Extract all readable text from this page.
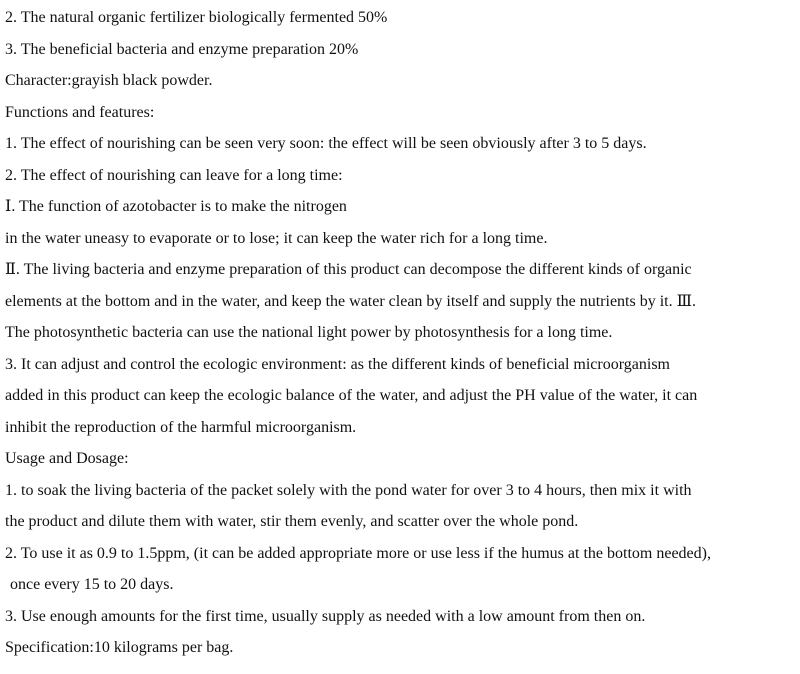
2. The natural organic fertilizer biologically fermented 50%
3. The beneficial bacteria and enzyme preparation 20%
Character:grayish black powder.
Functions and features:
1. The effect of nourishing can be seen very soon: the effect will be seen obviously after 3 to 5 days.
2. The effect of nourishing can leave for a long time:
Ⅰ. The function of azotobacter is to make the nitrogen
in the water uneasy to evaporate or to lose; it can keep the water rich for a long time.
Ⅱ. The living bacteria and enzyme preparation of this product can decompose the different kinds of organic
elements at the bottom and in the water, and keep the water clean by itself and supply the nutrients by it. Ⅲ.
The photosynthetic bacteria can use the national light power by photosynthesis for a long time.
3. It can adjust and control the ecologic environment: as the different kinds of beneficial microorganism
added in this product can keep the ecologic balance of the water, and adjust the PH value of the water, it can
inhibit the reproduction of the harmful microorganism.
Usage and Dosage:
1. to soak the living bacteria of the packet solely with the pond water for over 3 to 4 hours, then mix it with
the product and dilute them with water, stir them evenly, and scatter over the whole pond.
2. To use it as 0.9 to 1.5ppm, (it can be added appropriate more or use less if the humus at the bottom needed),
once every 15 to 20 days.
3. Use enough amounts for the first time, usually supply as needed with a low amount from then on.
Specification:10 kilograms per bag.
